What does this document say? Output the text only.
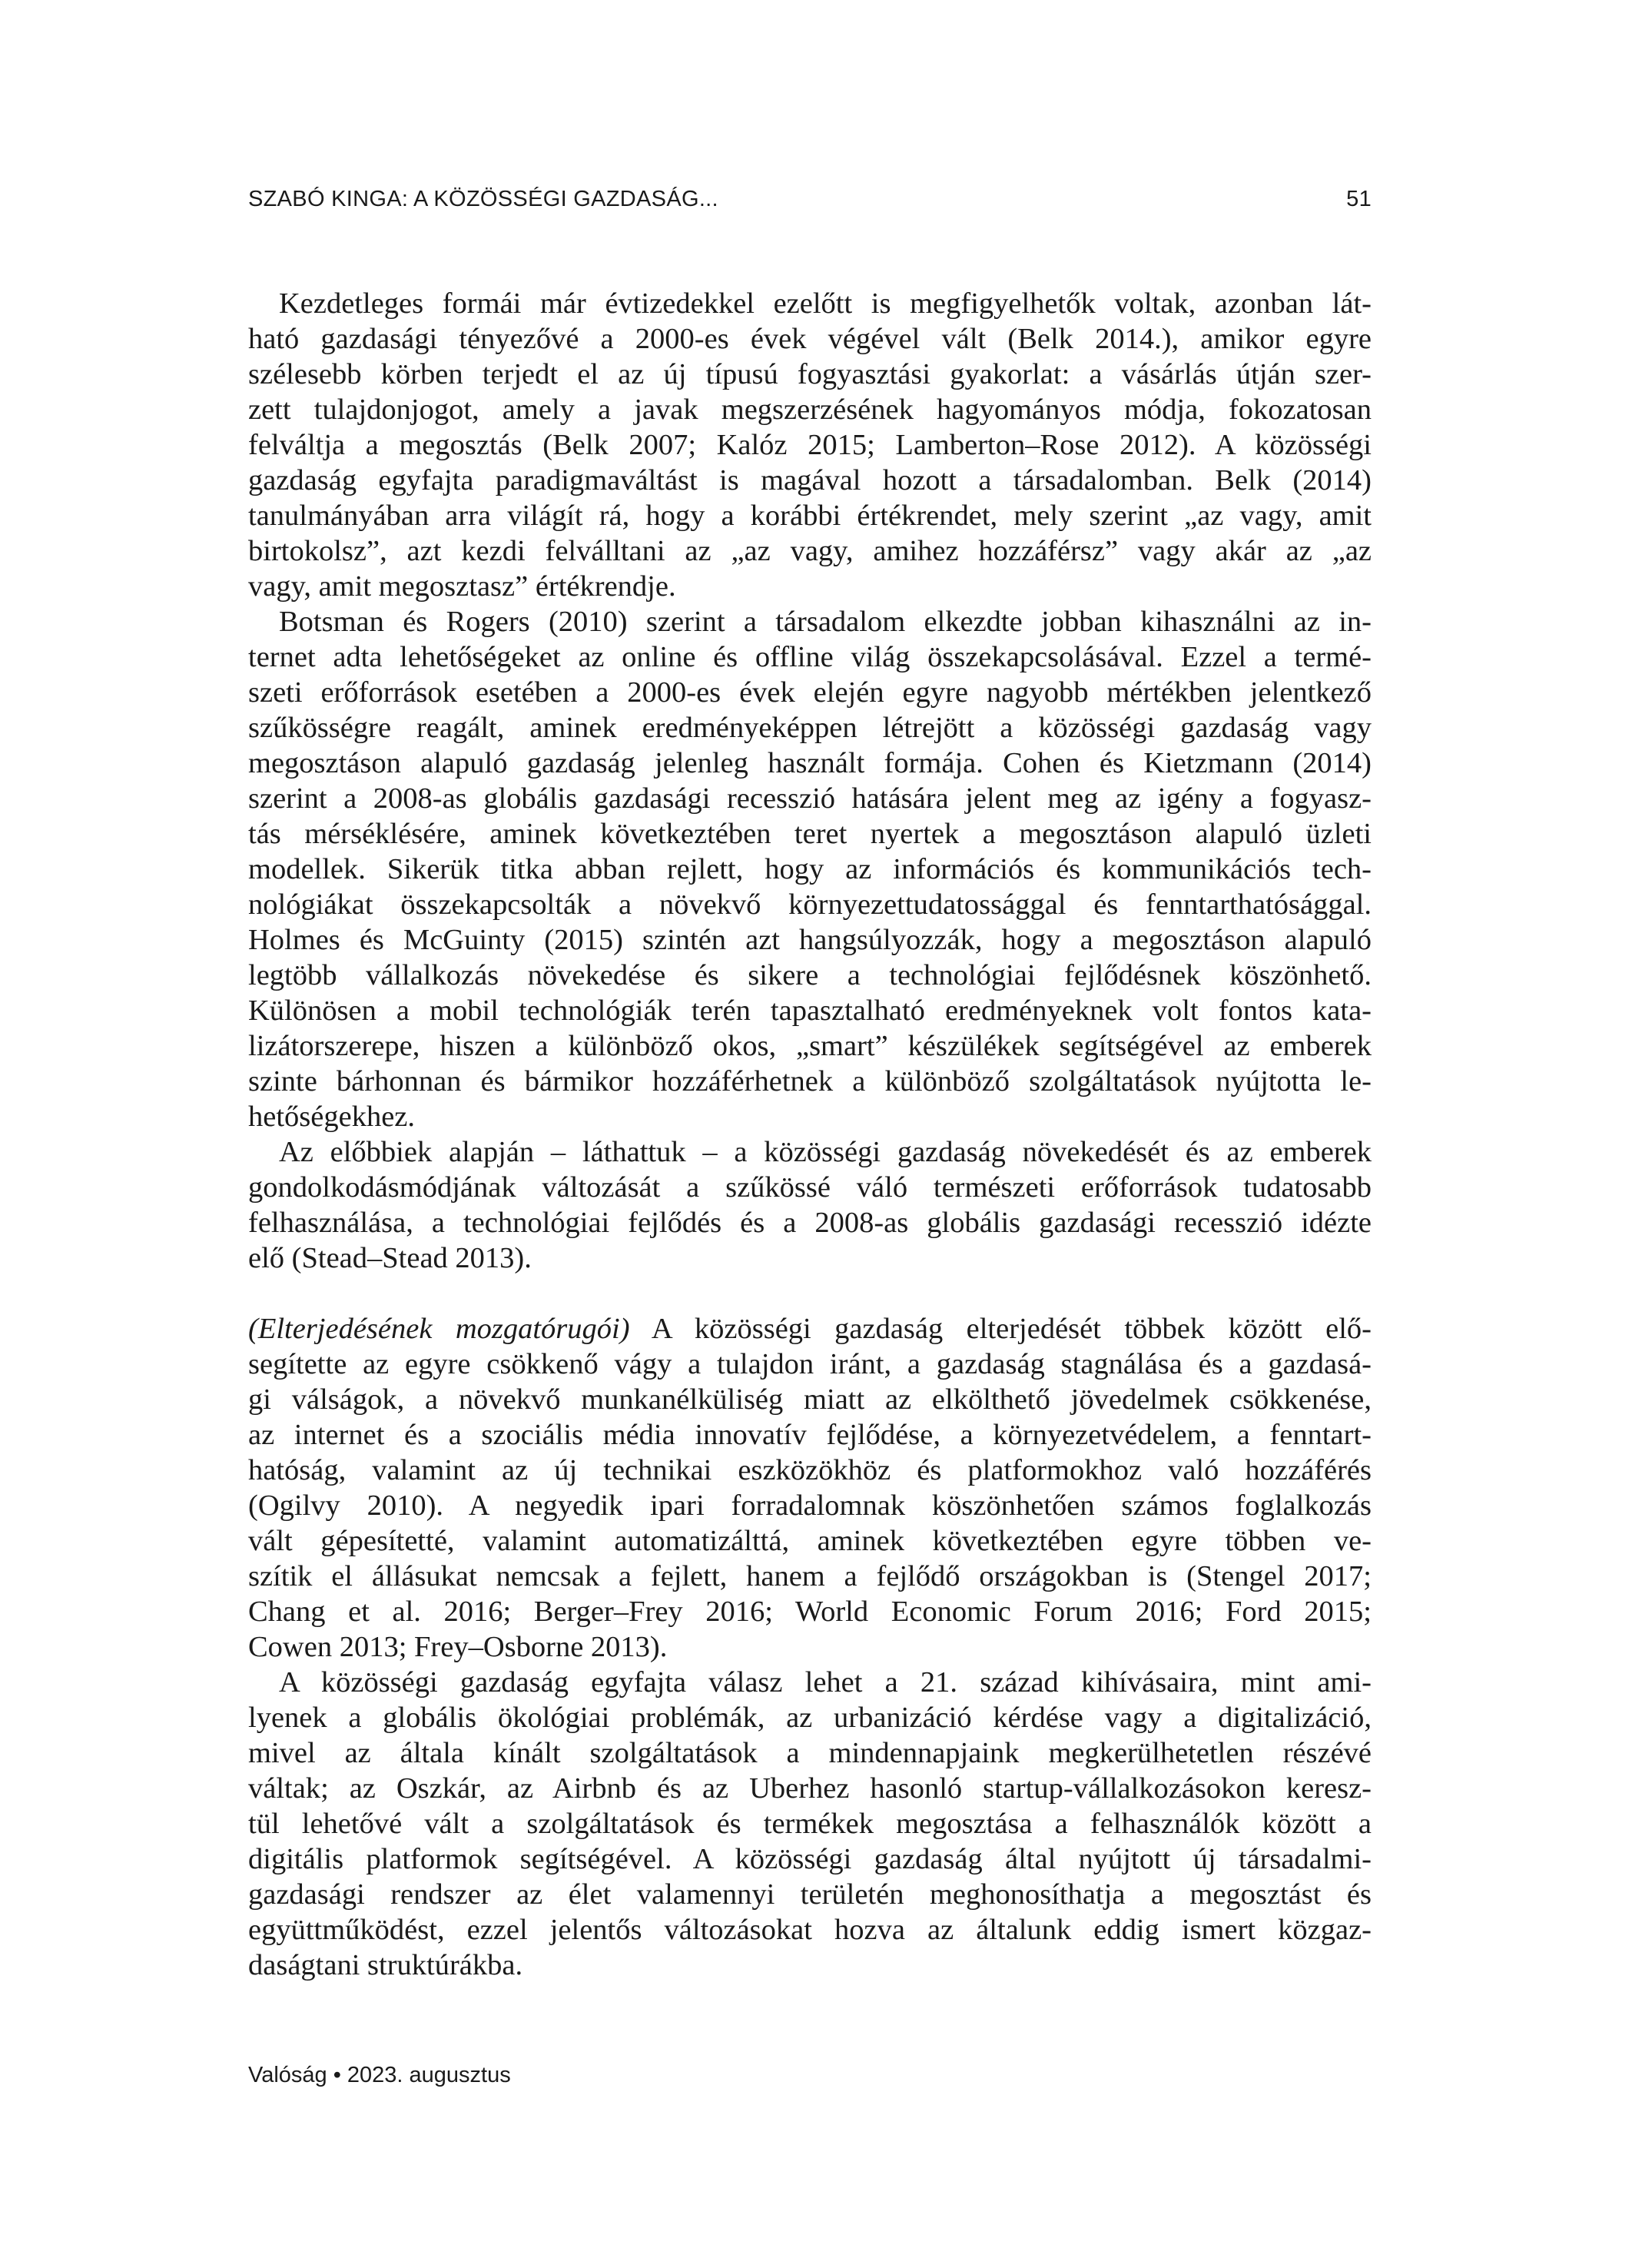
SZABÓ KINGA: A KÖZÖSSÉGI GAZDASÁG...	51
Kezdetleges formái már évtizedekkel ezelőtt is megfigyelhetők voltak, azonban lát-
ható gazdasági tényezővé a 2000-es évek végével vált (Belk 2014.), amikor egyre
szélesebb körben terjedt el az új típusú fogyasztási gyakorlat: a vásárlás útján szer-
zett tulajdonjogot, amely a javak megszerzésének hagyományos módja, fokozatosan
felváltja a megosztás (Belk 2007; Kalóz 2015; Lamberton–Rose 2012). A közösségi
gazdaság egyfajta paradigmaváltást is magával hozott a társadalomban. Belk (2014)
tanulmányában arra világít rá, hogy a korábbi értékrendet, mely szerint „az vagy, amit
birtokolsz”, azt kezdi felválltani az „az vagy, amihez hozzáférsz” vagy akár az „az
vagy, amit megosztasz” értékrendje.
Botsman és Rogers (2010) szerint a társadalom elkezdte jobban kihasználni az in-
ternet adta lehetőségeket az online és offline világ összekapcsolásával. Ezzel a termé-
szeti erőforrások esetében a 2000-es évek elején egyre nagyobb mértékben jelentkező
szűkösségre reagált, aminek eredményeképpen létrejött a közösségi gazdaság vagy
megosztáson alapuló gazdaság jelenleg használt formája. Cohen és Kietzmann (2014)
szerint a 2008-as globális gazdasági recesszió hatására jelent meg az igény a fogyasz-
tás mérséklésére, aminek következtében teret nyertek a megosztáson alapuló üzleti
modellek. Sikerük titka abban rejlett, hogy az információs és kommunikációs tech-
nológiákat összekapcsolták a növekvő környezettudatossággal és fenntarthatósággal.
Holmes és McGuinty (2015) szintén azt hangsúlyozzák, hogy a megosztáson alapuló
legtöbb vállalkozás növekedése és sikere a technológiai fejlődésnek köszönhető.
Különösen a mobil technológiák terén tapasztalható eredményeknek volt fontos kata-
lizátorszerepe, hiszen a különböző okos, „smart” készülékek segítségével az emberek
szinte bárhonnan és bármikor hozzáférhetnek a különböző szolgáltatások nyújtotta le-
hetőségekhez.
Az előbbiek alapján – láthattuk – a közösségi gazdaság növekedését és az emberek
gondolkodásmódjának változását a szűkössé váló természeti erőforrások tudatosabb
felhasználása, a technológiai fejlődés és a 2008-as globális gazdasági recesszió idézte
elő (Stead–Stead 2013).
(Elterjedésének mozgatórugói) A közösségi gazdaság elterjedését többek között elő-
segítette az egyre csökkenő vágy a tulajdon iránt, a gazdaság stagnálása és a gazdasá-
gi válságok, a növekvő munkanélküliség miatt az elkölthető jövedelmek csökkenése,
az internet és a szociális média innovatív fejlődése, a környezetvédelem, a fenntart-
hatóság, valamint az új technikai eszközökhöz és platformokhoz való hozzáférés
(Ogilvy 2010). A negyedik ipari forradalomnak köszönhetően számos foglalkozás
vált gépesítetté, valamint automatizálttá, aminek következtében egyre többen ve-
szítik el állásukat nemcsak a fejlett, hanem a fejlődő országokban is (Stengel 2017;
Chang et al. 2016; Berger–Frey 2016; World Economic Forum 2016; Ford 2015;
Cowen 2013; Frey–Osborne 2013).
A közösségi gazdaság egyfajta válasz lehet a 21. század kihívásaira, mint ami-
lyenek a globális ökológiai problémák, az urbanizáció kérdése vagy a digitalizáció,
mivel az általa kínált szolgáltatások a mindennapjaink megkerülhetetlen részévé
váltak; az Oszkár, az Airbnb és az Uberhez hasonló startup-vállalkozásokon keresz-
tül lehetővé vált a szolgáltatások és termékek megosztása a felhasználók között a
digitális platformok segítségével. A közösségi gazdaság által nyújtott új társadalmi-
gazdasági rendszer az élet valamennyi területén meghonosíthatja a megosztást és
együttműködést, ezzel jelentős változásokat hozva az általunk eddig ismert közgaz-
daságtani struktúrákba.
Valóság • 2023. augusztus
